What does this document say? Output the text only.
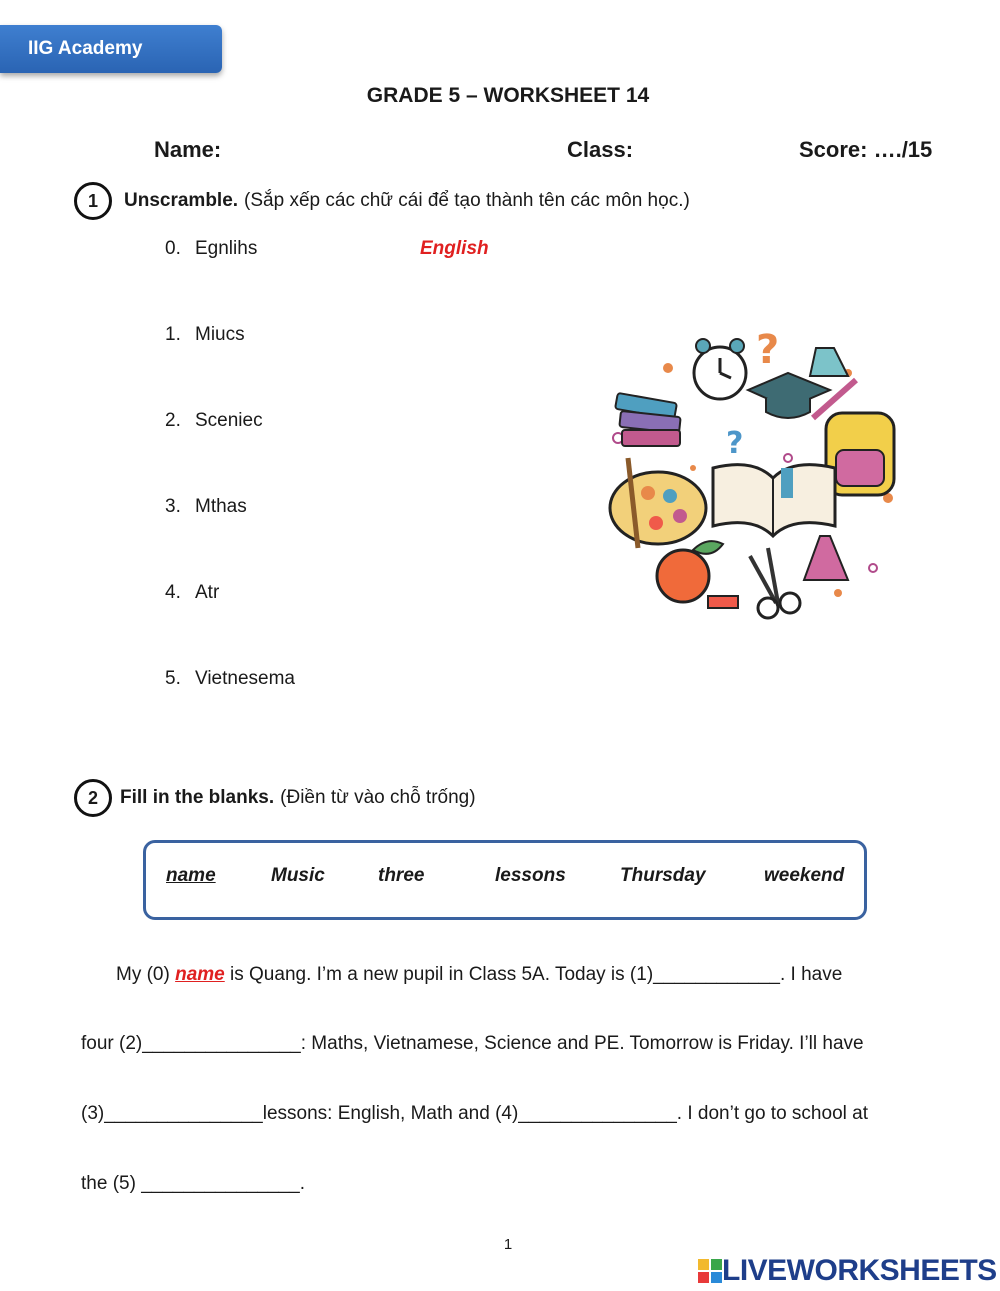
IIG Academy
GRADE 5 – WORKSHEET 14
Name:	Class:	Score: …./15
1	Unscramble. (Sắp xếp các chữ cái để tạo thành tên các môn học.)
0. Egnlihs	English
1. Miucs
2. Sceniec
3. Mthas
4. Atr
5. Vietnesema
?
?
2	Fill in the blanks. (Điền từ vào chỗ trống)
name	Music	three	lessons	Thursday	weekend
My (0) name is Quang. I’m a new pupil in Class 5A. Today is (1)____________. I have
four (2)_______________: Maths, Vietnamese, Science and PE. Tomorrow is Friday. I’ll have
(3)_______________lessons: English, Math and (4)_______________. I don’t go to school at
the (5) _______________.
1
LIVEWORKSHEETS
